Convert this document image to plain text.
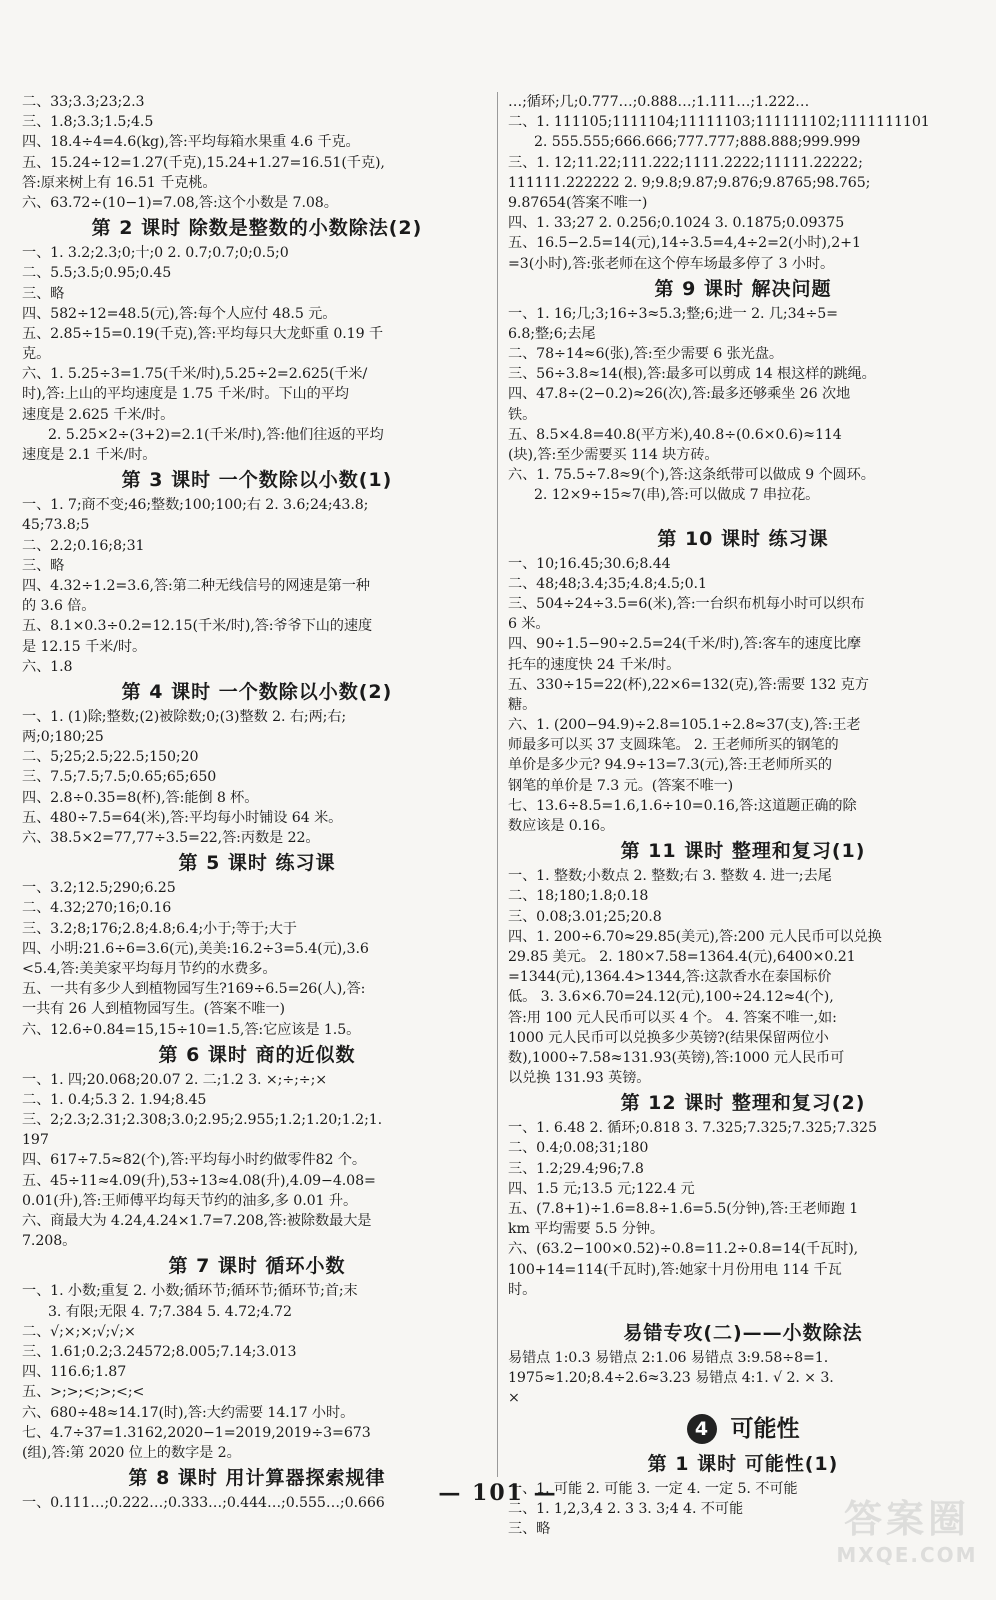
二、33;3.3;23;2.3
三、1.8;3.3;1.5;4.5
四、18.4÷4=4.6(kg),答:平均每箱水果重 4.6 千克。
五、15.24÷12=1.27(千克),15.24+1.27=16.51(千克),
答:原来树上有 16.51 千克桃。
六、63.72÷(10−1)=7.08,答:这个小数是 7.08。
第 2 课时 除数是整数的小数除法(2)
一、1. 3.2;2.3;0;十;0 2. 0.7;0.7;0;0.5;0
二、5.5;3.5;0.95;0.45
三、略
四、582÷12=48.5(元),答:每个人应付 48.5 元。
五、2.85÷15=0.19(千克),答:平均每只大龙虾重 0.19 千
克。
六、1. 5.25÷3=1.75(千米/时),5.25÷2=2.625(千米/
时),答:上山的平均速度是 1.75 千米/时。下山的平均
速度是 2.625 千米/时。
2. 5.25×2÷(3+2)=2.1(千米/时),答:他们往返的平均
速度是 2.1 千米/时。
第 3 课时 一个数除以小数(1)
一、1. 7;商不变;46;整数;100;100;右 2. 3.6;24;43.8;
45;73.8;5
二、2.2;0.16;8;31
三、略
四、4.32÷1.2=3.6,答:第二种无线信号的网速是第一种
的 3.6 倍。
五、8.1×0.3÷0.2=12.15(千米/时),答:爷爷下山的速度
是 12.15 千米/时。
六、1.8
第 4 课时 一个数除以小数(2)
一、1. (1)除;整数;(2)被除数;0;(3)整数 2. 右;两;右;
两;0;180;25
二、5;25;2.5;22.5;150;20
三、7.5;7.5;7.5;0.65;65;650
四、2.8÷0.35=8(杯),答:能倒 8 杯。
五、480÷7.5=64(米),答:平均每小时铺设 64 米。
六、38.5×2=77,77÷3.5=22,答:丙数是 22。
第 5 课时 练习课
一、3.2;12.5;290;6.25
二、4.32;270;16;0.16
三、3.2;8;176;2.8;4.8;6.4;小于;等于;大于
四、小明:21.6÷6=3.6(元),美美:16.2÷3=5.4(元),3.6
<5.4,答:美美家平均每月节约的水费多。
五、一共有多少人到植物园写生?169÷6.5=26(人),答:
一共有 26 人到植物园写生。(答案不唯一)
六、12.6÷0.84=15,15÷10=1.5,答:它应该是 1.5。
第 6 课时 商的近似数
一、1. 四;20.068;20.07 2. 二;1.2 3. ×;÷;÷;×
二、1. 0.4;5.3 2. 1.94;8.45
三、2;2.3;2.31;2.308;3.0;2.95;2.955;1.2;1.20;1.2;1.
197
四、617÷7.5≈82(个),答:平均每小时约做零件82 个。
五、45÷11≈4.09(升),53÷13≈4.08(升),4.09−4.08=
0.01(升),答:王师傅平均每天节约的油多,多 0.01 升。
六、商最大为 4.24,4.24×1.7=7.208,答:被除数最大是
7.208。
第 7 课时 循环小数
一、1. 小数;重复 2. 小数;循环节;循环节;循环节;首;末
3. 有限;无限 4. 7;7.384 5. 4.72;4.72
二、√;×;×;√;√;×
三、1.61;0.2;3.24572;8.005;7.14;3.013
四、116.6;1.87
五、>;>;<;>;<;<
六、680÷48≈14.17(时),答:大约需要 14.17 小时。
七、4.7÷37=1.3162,2020−1=2019,2019÷3=673
(组),答:第 2020 位上的数字是 2。
第 8 课时 用计算器探索规律
一、0.111…;0.222…;0.333…;0.444…;0.555…;0.666
…;循环;几;0.777…;0.888…;1.111…;1.222…
二、1. 111105;1111104;11111103;111111102;1111111101
2. 555.555;666.666;777.777;888.888;999.999
三、1. 12;11.22;111.222;1111.2222;11111.22222;
111111.222222 2. 9;9.8;9.87;9.876;9.8765;98.765;
9.87654(答案不唯一)
四、1. 33;27 2. 0.256;0.1024 3. 0.1875;0.09375
五、16.5−2.5=14(元),14÷3.5=4,4÷2=2(小时),2+1
=3(小时),答:张老师在这个停车场最多停了 3 小时。
第 9 课时 解决问题
一、1. 16;几;3;16÷3≈5.3;整;6;进一 2. 几;34÷5=
6.8;整;6;去尾
二、78÷14≈6(张),答:至少需要 6 张光盘。
三、56÷3.8≈14(根),答:最多可以剪成 14 根这样的跳绳。
四、47.8÷(2−0.2)≈26(次),答:最多还够乘坐 26 次地
铁。
五、8.5×4.8=40.8(平方米),40.8÷(0.6×0.6)≈114
(块),答:至少需要买 114 块方砖。
六、1. 75.5÷7.8≈9(个),答:这条纸带可以做成 9 个圆环。
2. 12×9÷15≈7(串),答:可以做成 7 串拉花。
第 10 课时 练习课
一、10;16.45;30.6;8.44
二、48;48;3.4;35;4.8;4.5;0.1
三、504÷24÷3.5=6(米),答:一台织布机每小时可以织布
6 米。
四、90÷1.5−90÷2.5=24(千米/时),答:客车的速度比摩
托车的速度快 24 千米/时。
五、330÷15=22(杯),22×6=132(克),答:需要 132 克方
糖。
六、1. (200−94.9)÷2.8=105.1÷2.8≈37(支),答:王老
师最多可以买 37 支圆珠笔。 2. 王老师所买的钢笔的
单价是多少元? 94.9÷13=7.3(元),答:王老师所买的
钢笔的单价是 7.3 元。(答案不唯一)
七、13.6÷8.5=1.6,1.6÷10=0.16,答:这道题正确的除
数应该是 0.16。
第 11 课时 整理和复习(1)
一、1. 整数;小数点 2. 整数;右 3. 整数 4. 进一;去尾
二、18;180;1.8;0.18
三、0.08;3.01;25;20.8
四、1. 200÷6.70≈29.85(美元),答:200 元人民币可以兑换
29.85 美元。 2. 180×7.58=1364.4(元),6400×0.21
=1344(元),1364.4>1344,答:这款香水在泰国标价
低。 3. 3.6×6.70=24.12(元),100÷24.12≈4(个),
答:用 100 元人民币可以买 4 个。 4. 答案不唯一,如:
1000 元人民币可以兑换多少英镑?(结果保留两位小
数),1000÷7.58≈131.93(英镑),答:1000 元人民币可
以兑换 131.93 英镑。
第 12 课时 整理和复习(2)
一、1. 6.48 2. 循环;0.818 3. 7.325;7.325;7.325;7.325
二、0.4;0.08;31;180
三、1.2;29.4;96;7.8
四、1.5 元;13.5 元;122.4 元
五、(7.8+1)÷1.6=8.8÷1.6=5.5(分钟),答:王老师跑 1
km 平均需要 5.5 分钟。
六、(63.2−100×0.52)÷0.8=11.2÷0.8=14(千瓦时),
100+14=114(千瓦时),答:她家十月份用电 114 千瓦
时。
易错专攻(二)——小数除法
易错点 1:0.3 易错点 2:1.06 易错点 3:9.58÷8=1.
1975≈1.20;8.4÷2.6≈3.23 易错点 4:1. √ 2. × 3.
×
4 可能性
第 1 课时 可能性(1)
一、1. 可能 2. 可能 3. 一定 4. 一定 5. 不可能
二、1. 1,2,3,4 2. 3 3. 3;4 4. 不可能
三、略
— 101 —
答案圈
MXQE.COM
